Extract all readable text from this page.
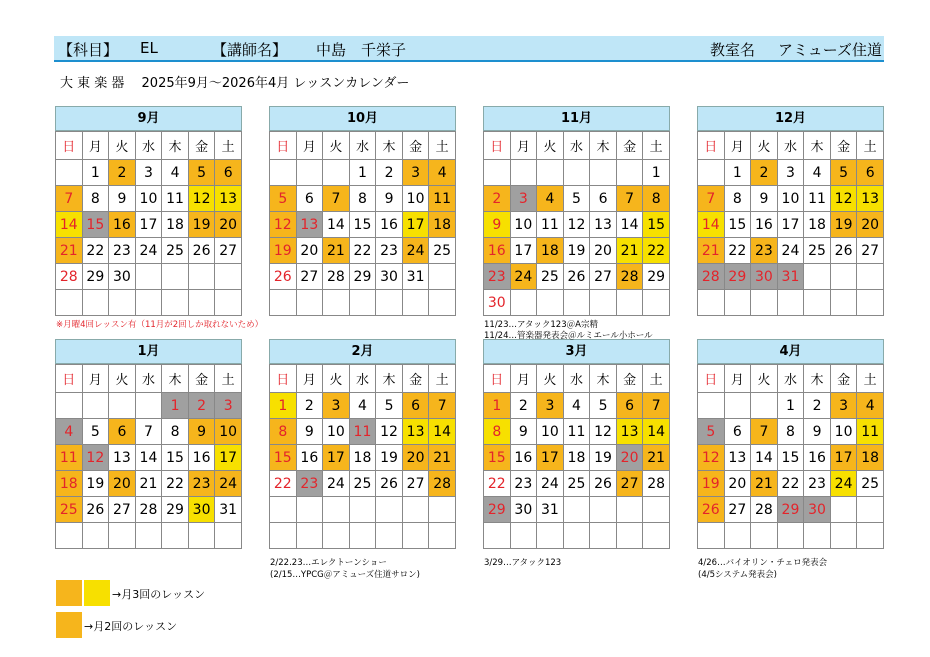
【科目】 EL	【講師名】 中島　千栄子	教室名 アミューズ住道
大 東 楽 器　 2025年9月～2026年4月 レッスンカレンダー
9月
日	月	火	水	木	金	土
	1	2	3	4	5	6
7	8	9	10	11	12	13
14	15	16	17	18	19	20
21	22	23	24	25	26	27
28	29	30				

10月
日	月	火	水	木	金	土
			1	2	3	4
5	6	7	8	9	10	11
12	13	14	15	16	17	18
19	20	21	22	23	24	25
26	27	28	29	30	31	

11月
日	月	火	水	木	金	土
						1
2	3	4	5	6	7	8
9	10	11	12	13	14	15
16	17	18	19	20	21	22
23	24	25	26	27	28	29
30						
12月
日	月	火	水	木	金	土
	1	2	3	4	5	6
7	8	9	10	11	12	13
14	15	16	17	18	19	20
21	22	23	24	25	26	27
28	29	30	31			

1月
日	月	火	水	木	金	土
				1	2	3
4	5	6	7	8	9	10
11	12	13	14	15	16	17
18	19	20	21	22	23	24
25	26	27	28	29	30	31

2月
日	月	火	水	木	金	土
1	2	3	4	5	6	7
8	9	10	11	12	13	14
15	16	17	18	19	20	21
22	23	24	25	26	27	28

3月
日	月	火	水	木	金	土
1	2	3	4	5	6	7
8	9	10	11	12	13	14
15	16	17	18	19	20	21
22	23	24	25	26	27	28
29	30	31				

4月
日	月	火	水	木	金	土
			1	2	3	4
5	6	7	8	9	10	11
12	13	14	15	16	17	18
19	20	21	22	23	24	25
26	27	28	29	30		

※月曜4回レッスン有（11月が2回しか取れないため）	11/23…アタック123＠A宗精
11/24…管楽器発表会＠ルミエール小ホール
2/22.23…エレクトーンショー
(2/15…YPCG＠アミューズ住道サロン)
3/29…アタック123	4/26…バイオリン・チェロ発表会
(4/5システム発表会)
→月3回のレッスン
→月2回のレッスン
